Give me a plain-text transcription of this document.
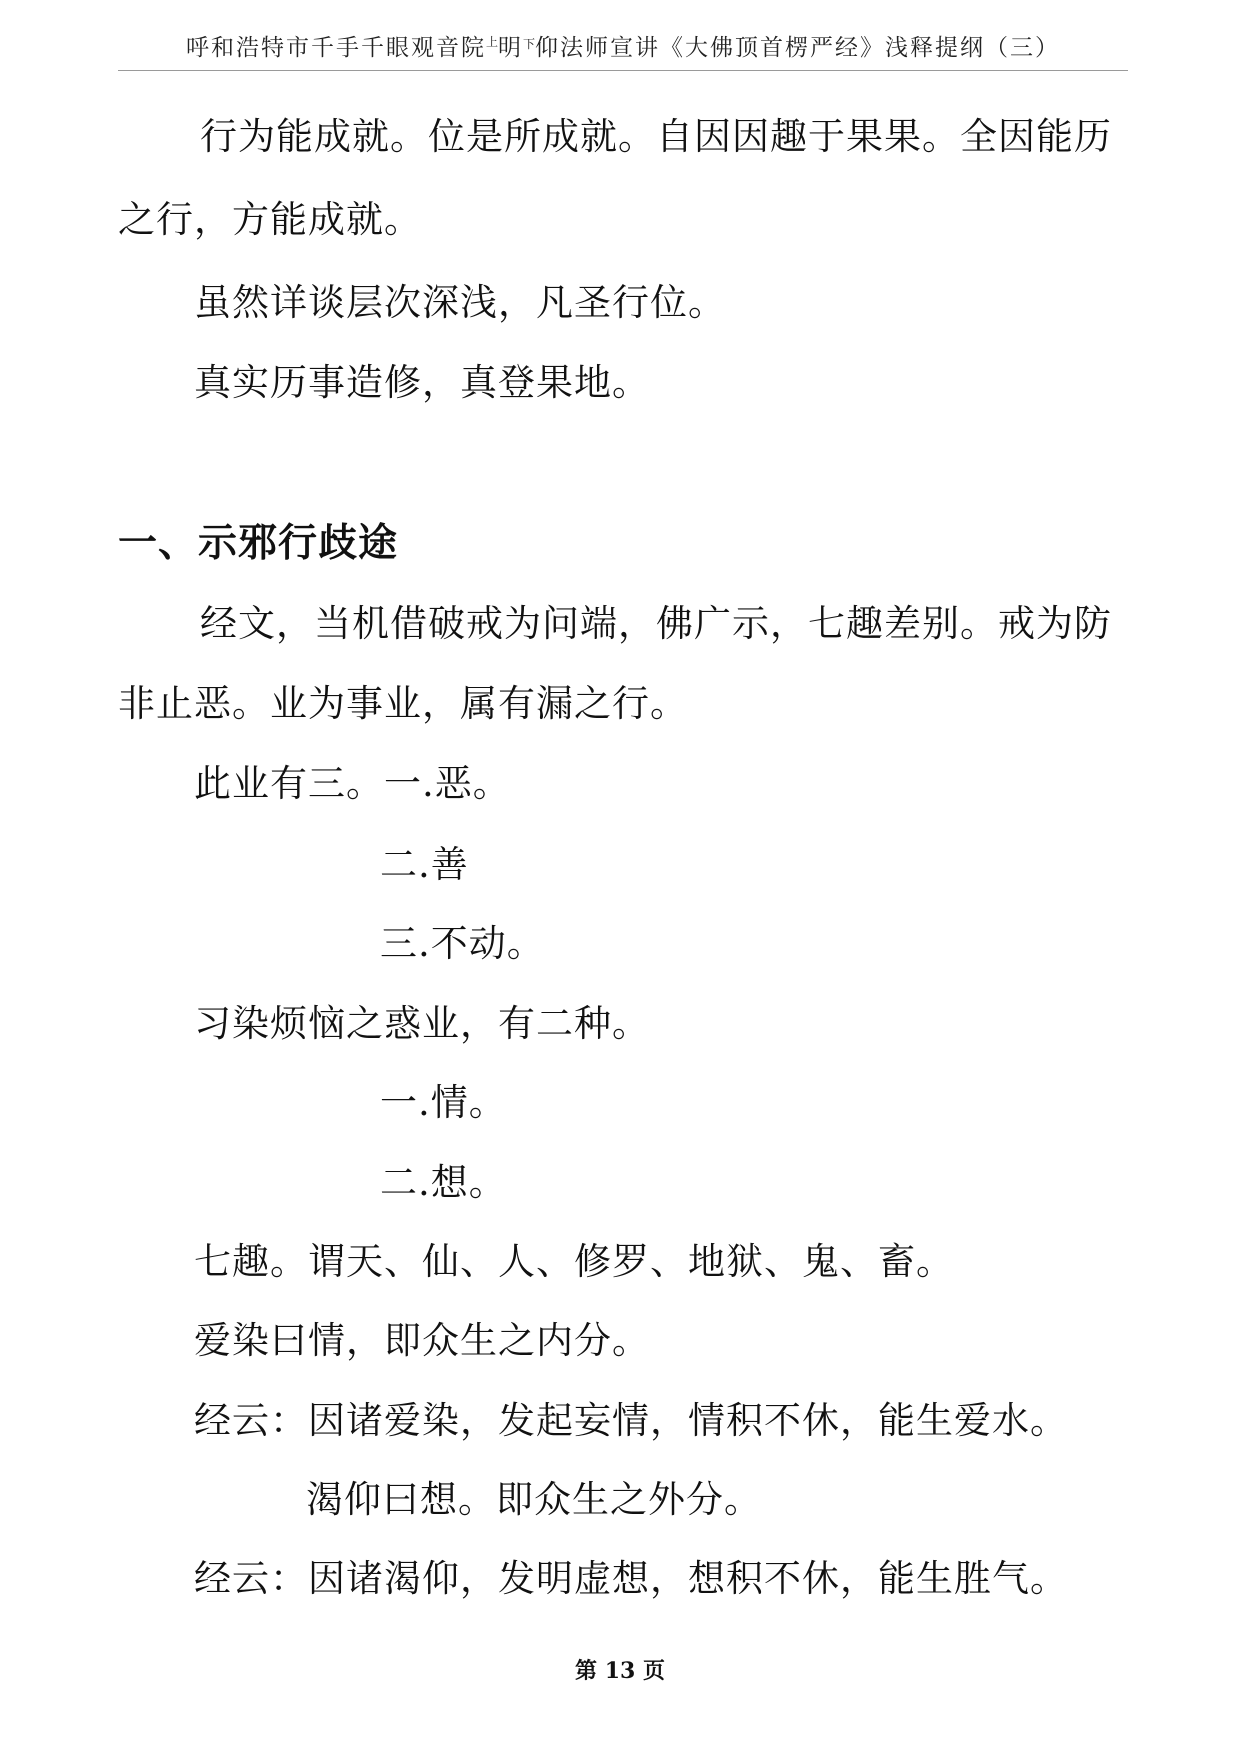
呼和浩特市千手千眼观音院$^上$明$_下$仰法师宣讲《大佛顶首楞严经》浅释提纲（三）
行为能成就。位是所成就。自因因趣于果果。全因能历
之行，方能成就。
虽然详谈层次深浅，凡圣行位。
真实历事造修，真登果地。
一、示邪行歧途
经文，当机借破戒为问端，佛广示，七趣差别。戒为防
非止恶。业为事业，属有漏之行。
此业有三。一.恶。
二.善
三.不动。
习染烦恼之惑业，有二种。
一.情。
二.想。
七趣。谓天、仙、人、修罗、地狱、鬼、畜。
爱染曰情，即众生之内分。
经云：因诸爱染，发起妄情，情积不休，能生爱水。
渴仰曰想。即众生之外分。
经云：因诸渴仰，发明虚想，想积不休，能生胜气。
第 13 页
